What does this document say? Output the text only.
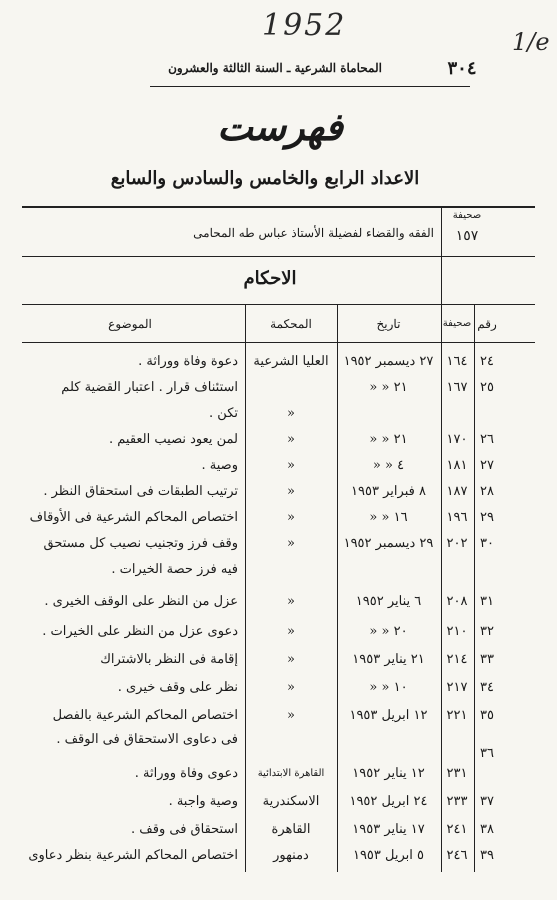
1952	1/e
٣٠٤
المحاماة الشرعية ـ السنة الثالثة والعشرون
فهرست
الاعداد الرابع والخامس والسادس والسابع
صحيفة
١٥٧
الفقه والقضاء لفضيلة الأستاذ عباس طه المحامى
الاحكام
رقم
صحيفة
تاريخ
المحكمة
الموضوع
٢٤
١٦٤
٢٧ ديسمبر ١٩٥٢
العليا الشرعية
دعوة وفاة ووراثة .
٢٥
١٦٧
٢١ « «
استئناف قرار . اعتبار القضية كلم
«
تكن .
٢٦
١٧٠
٢١ « «
«
لمن يعود نصيب العقيم .
٢٧
١٨١
٤ « «
«
وصية .
٢٨
١٨٧
٨ فبراير ١٩٥٣
«
ترتيب الطبقات فى استحقاق النظر .
٢٩
١٩٦
١٦ « «
«
اختصاص المحاكم الشرعية فى الأوقاف
٣٠
٢٠٢
٢٩ ديسمبر ١٩٥٢
«
وقف فرز وتجنيب نصيب كل مستحق
فيه فرز حصة الخيرات .
٣١
٢٠٨
٦ يناير ١٩٥٢
«
عزل من النظر على الوقف الخيرى .
٣٢
٢١٠
٢٠ « «
«
دعوى عزل من النظر على الخيرات .
٣٣
٢١٤
٢١ يناير ١٩٥٣
«
إقامة فى النظر بالاشتراك
٣٤
٢١٧
١٠ « «
«
نظر على وقف خيرى .
٣٥
٢٢١
١٢ ابريل ١٩٥٣
«
اختصاص المحاكم الشرعية بالفصل
فى دعاوى الاستحقاق فى الوقف .
٣٦
٢٣١
١٢ يناير ١٩٥٢
القاهرة الابتدائية
دعوى وفاة ووراثة .
٣٧
٢٣٣
٢٤ ابريل ١٩٥٢
الاسكندرية
وصية واجبة .
٣٨
٢٤١
١٧ يناير ١٩٥٣
القاهرة
استحقاق فى وقف .
٣٩
٢٤٦
٥ ابريل ١٩٥٣
دمنهور
اختصاص المحاكم الشرعية بنظر دعاوى
